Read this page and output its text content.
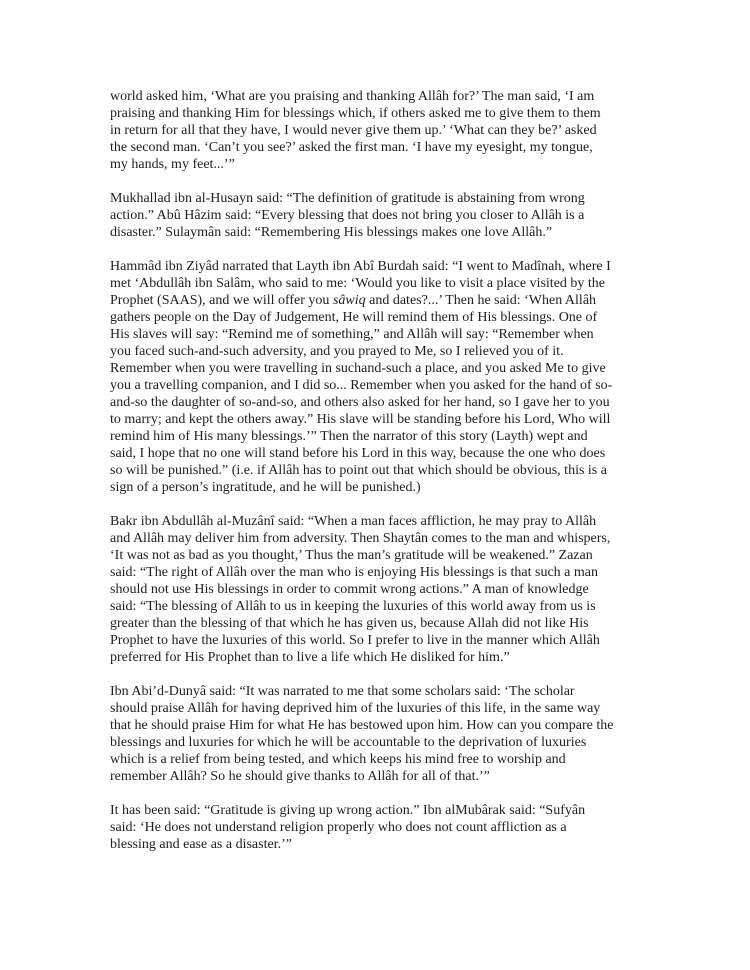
world asked him, ‘What are you praising and thanking Allâh for?’ The man said, ‘I am
praising and thanking Him for blessings which, if others asked me to give them to them
in return for all that they have, I would never give them up.’ ‘What can they be?’ asked
the second man. ‘Can’t you see?’ asked the first man. ‘I have my eyesight, my tongue,
my hands, my feet...’”

Mukhallad ibn al-Husayn said: “The definition of gratitude is abstaining from wrong
action.” Abû Hâzim said: “Every blessing that does not bring you closer to Allâh is a
disaster.” Sulaymân said: “Remembering His blessings makes one love Allâh.”

Hammâd ibn Ziyâd narrated that Layth ibn Abî Burdah said: “I went to Madînah, where I
met ‘Abdullâh ibn Salâm, who said to me: ‘Would you like to visit a place visited by the
Prophet (SAAS), and we will offer you sâwiq and dates?...’ Then he said: ‘When Allâh
gathers people on the Day of Judgement, He will remind them of His blessings. One of
His slaves will say: “Remind me of something,” and Allâh will say: “Remember when
you faced such-and-such adversity, and you prayed to Me, so I relieved you of it.
Remember when you were travelling in suchand-such a place, and you asked Me to give
you a travelling companion, and I did so... Remember when you asked for the hand of so-
and-so the daughter of so-and-so, and others also asked for her hand, so I gave her to you
to marry; and kept the others away.” His slave will be standing before his Lord, Who will
remind him of His many blessings.’” Then the narrator of this story (Layth) wept and
said, I hope that no one will stand before his Lord in this way, because the one who does
so will be punished.” (i.e. if Allâh has to point out that which should be obvious, this is a
sign of a person’s ingratitude, and he will be punished.)

Bakr ibn Abdullâh al-Muzânî said: “When a man faces affliction, he may pray to Allâh
and Allâh may deliver him from adversity. Then Shaytân comes to the man and whispers,
‘It was not as bad as you thought,’ Thus the man’s gratitude will be weakened.” Zazan
said: “The right of Allâh over the man who is enjoying His blessings is that such a man
should not use His blessings in order to commit wrong actions.” A man of knowledge
said: “The blessing of Allâh to us in keeping the luxuries of this world away from us is
greater than the blessing of that which he has given us, because Allah did not like His
Prophet to have the luxuries of this world. So I prefer to live in the manner which Allâh
preferred for His Prophet than to live a life which He disliked for him.”

Ibn Abi’d-Dunyâ said: “It was narrated to me that some scholars said: ‘The scholar
should praise Allâh for having deprived him of the luxuries of this life, in the same way
that he should praise Him for what He has bestowed upon him. How can you compare the
blessings and luxuries for which he will be accountable to the deprivation of luxuries
which is a relief from being tested, and which keeps his mind free to worship and
remember Allâh? So he should give thanks to Allâh for all of that.’”

It has been said: “Gratitude is giving up wrong action.” Ibn alMubârak said: “Sufyân
said: ‘He does not understand religion properly who does not count affliction as a
blessing and ease as a disaster.’”
